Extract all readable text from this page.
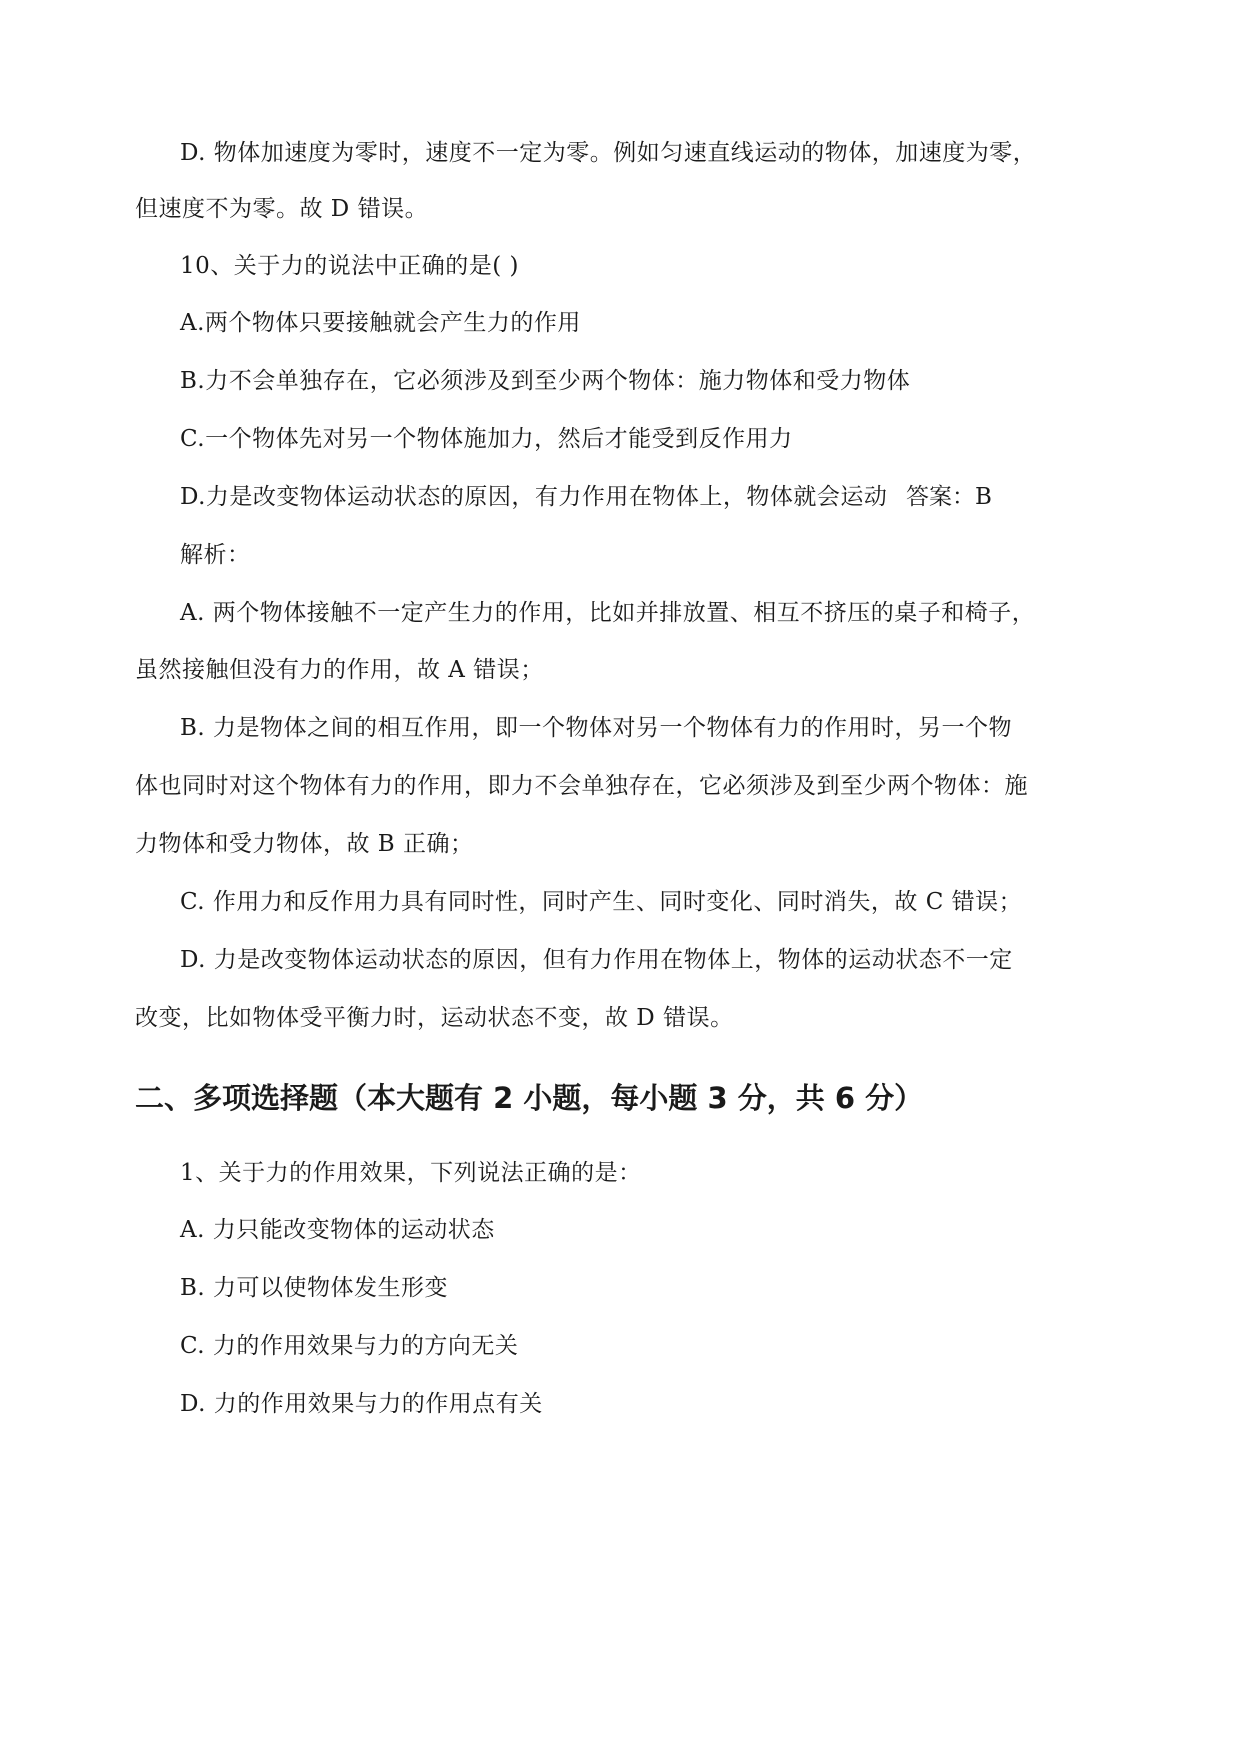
D. 物体加速度为零时，速度不一定为零。例如匀速直线运动的物体，加速度为零，
但速度不为零。故 D 错误。
10、关于力的说法中正确的是( )
A.两个物体只要接触就会产生力的作用
B.力不会单独存在，它必须涉及到至少两个物体：施力物体和受力物体
C.一个物体先对另一个物体施加力，然后才能受到反作用力
D.力是改变物体运动状态的原因，有力作用在物体上，物体就会运动 答案：B
解析：
A. 两个物体接触不一定产生力的作用，比如并排放置、相互不挤压的桌子和椅子，
虽然接触但没有力的作用，故 A 错误；
B. 力是物体之间的相互作用，即一个物体对另一个物体有力的作用时，另一个物
体也同时对这个物体有力的作用，即力不会单独存在，它必须涉及到至少两个物体：施
力物体和受力物体，故 B 正确；
C. 作用力和反作用力具有同时性，同时产生、同时变化、同时消失，故 C 错误；
D. 力是改变物体运动状态的原因，但有力作用在物体上，物体的运动状态不一定
改变，比如物体受平衡力时，运动状态不变，故 D 错误。
二、多项选择题（本大题有 2 小题，每小题 3 分，共 6 分）
1、关于力的作用效果，下列说法正确的是：
A. 力只能改变物体的运动状态
B. 力可以使物体发生形变
C. 力的作用效果与力的方向无关
D. 力的作用效果与力的作用点有关
